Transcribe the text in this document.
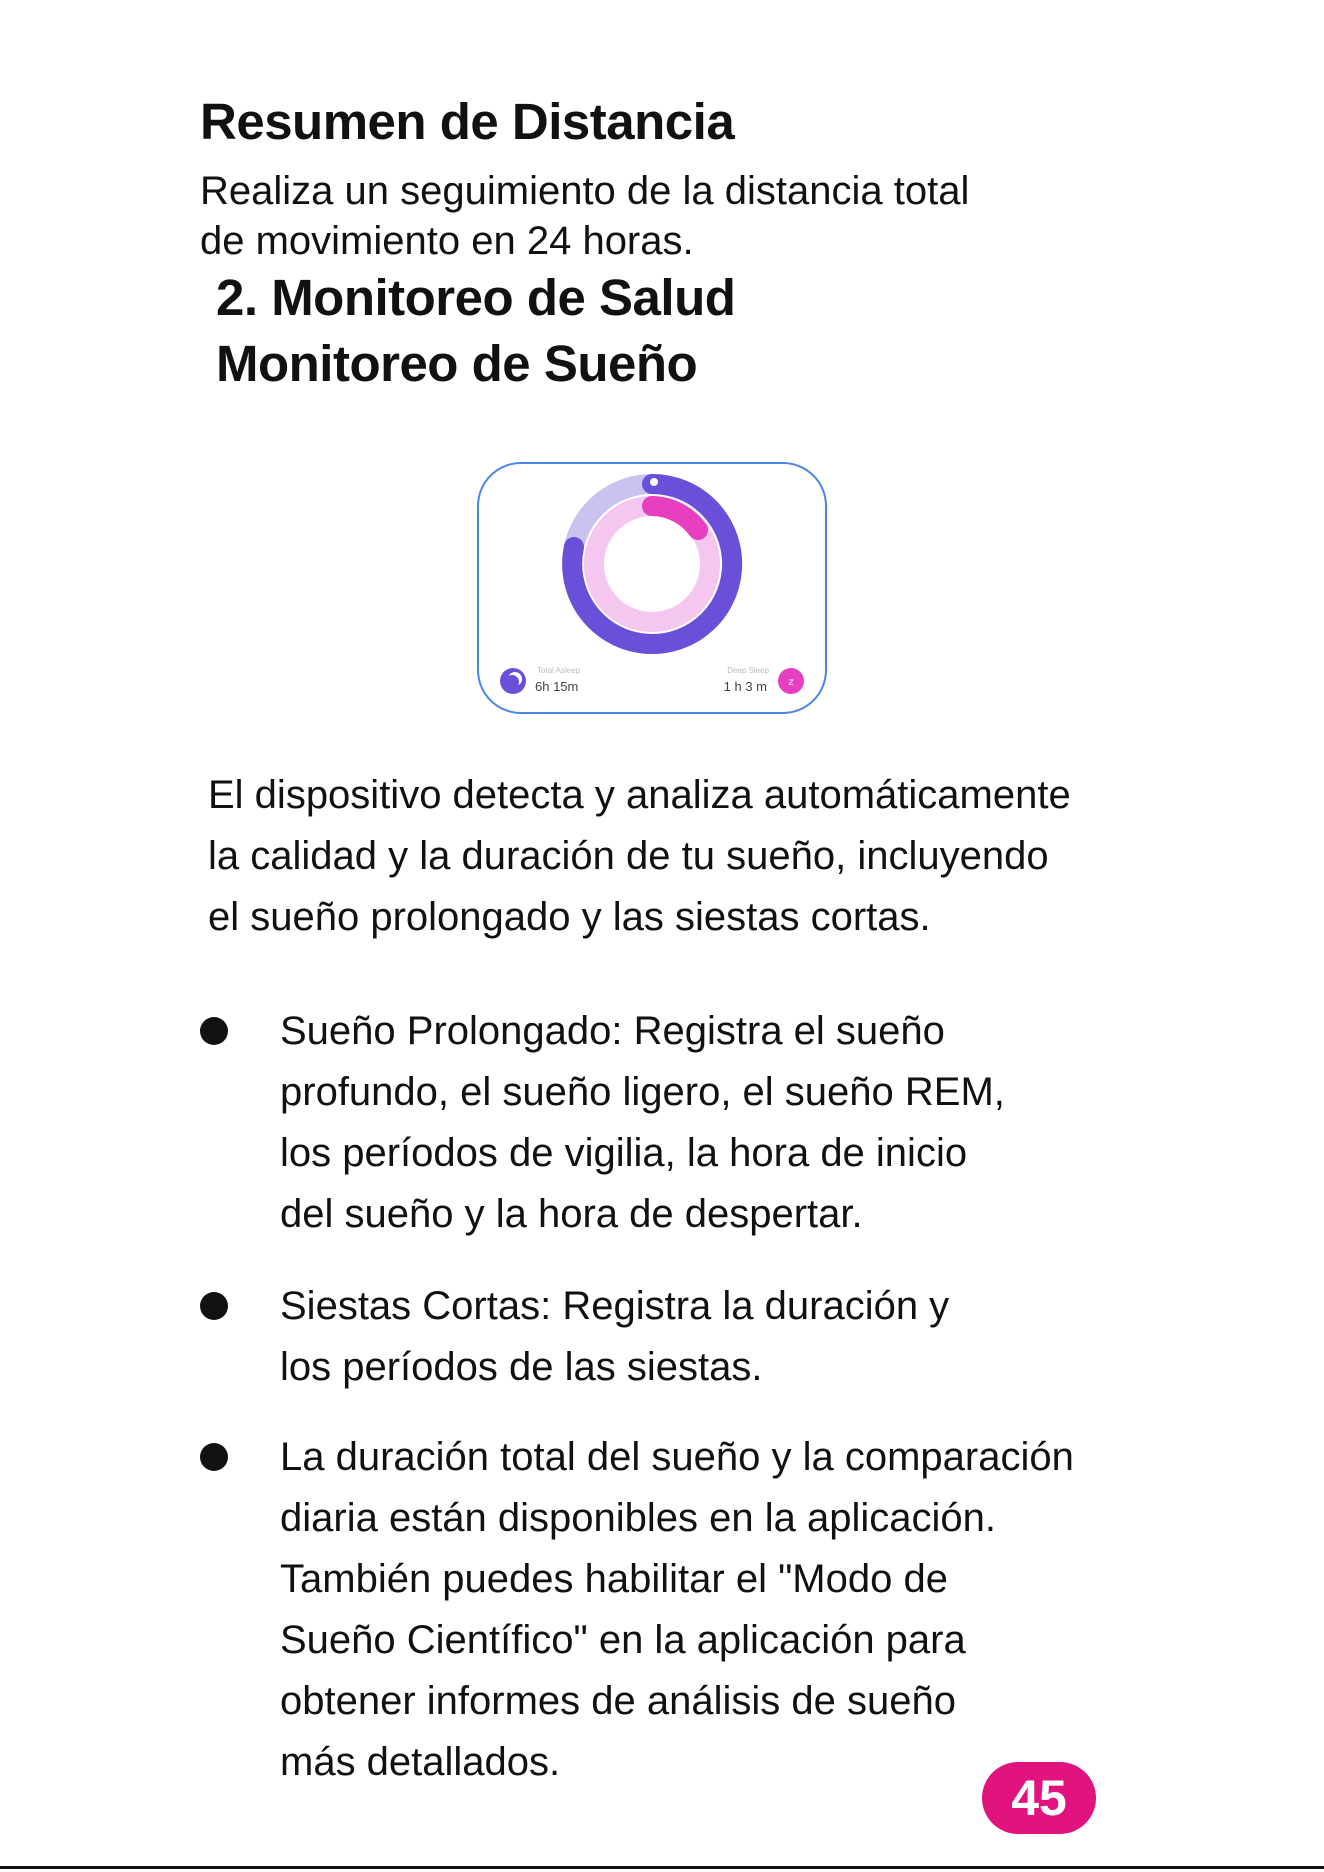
Resumen de Distancia
Realiza un seguimiento de la distancia total
de movimiento en 24 horas.
2. Monitoreo de Salud
Monitoreo de Sueño
z
Total Asleep
6h 15m
Deep Sleep
1 h 3 m
El dispositivo detecta y analiza automáticamente
la calidad y la duración de tu sueño, incluyendo
el sueño prolongado y las siestas cortas.
Sueño Prolongado: Registra el sueño
profundo, el sueño ligero, el sueño REM,
los períodos de vigilia, la hora de inicio
del sueño y la hora de despertar.
Siestas Cortas: Registra la duración y
los períodos de las siestas.
La duración total del sueño y la comparación
diaria están disponibles en la aplicación.
También puedes habilitar el "Modo de
Sueño Científico" en la aplicación para
obtener informes de análisis de sueño
más detallados.
45
